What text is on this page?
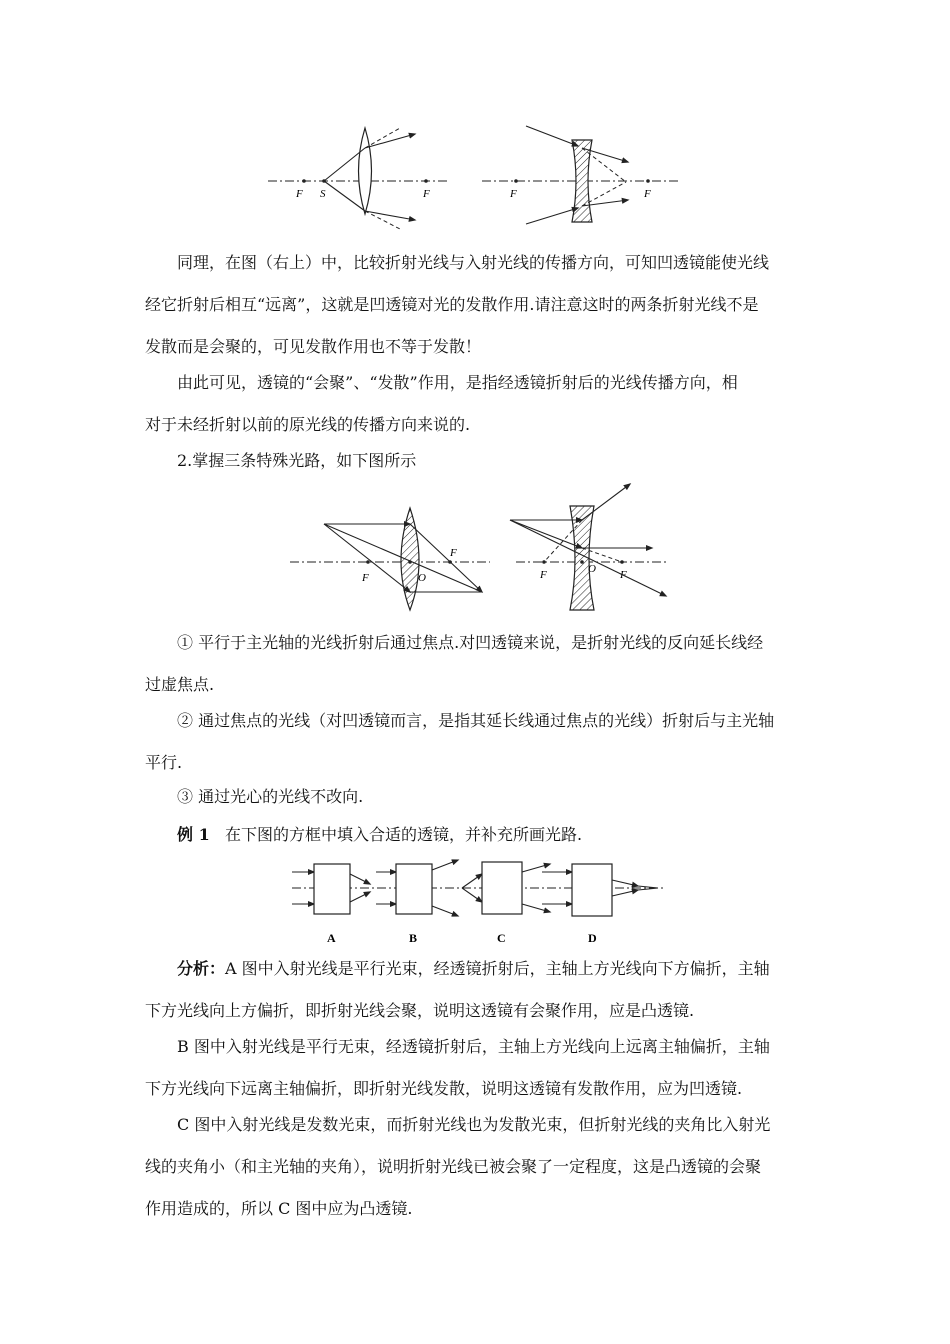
F S	F	F	F

同理，在图（右上）中，比较折射光线与入射光线的传播方向，可知凹透镜能使光线
经它折射后相互“远离”，这就是凹透镜对光的发散作用.请注意这时的两条折射光线不是
发散而是会聚的，可见发散作用也不等于发散！

由此可见，透镜的“会聚”、“发散”作用，是指经透镜折射后的光线传播方向，相
对于未经折射以前的原光线的传播方向来说的.

2.掌握三条特殊光路，如下图所示

F
F
O	F	O F

① 平行于主光轴的光线折射后通过焦点.对凹透镜来说，是折射光线的反向延长线经
过虚焦点.

② 通过焦点的光线（对凹透镜而言，是指其延长线通过焦点的光线）折射后与主光轴
平行.

③ 通过光心的光线不改向.

例 1 在下图的方框中填入合适的透镜，并补充所画光路.

A	B	C	D

分析：A 图中入射光线是平行光束，经透镜折射后，主轴上方光线向下方偏折，主轴
下方光线向上方偏折，即折射光线会聚，说明这透镜有会聚作用，应是凸透镜.

B 图中入射光线是平行无束，经透镜折射后，主轴上方光线向上远离主轴偏折，主轴
下方光线向下远离主轴偏折，即折射光线发散，说明这透镜有发散作用，应为凹透镜.

C 图中入射光线是发数光束，而折射光线也为发散光束，但折射光线的夹角比入射光
线的夹角小（和主光轴的夹角），说明折射光线已被会聚了一定程度，这是凸透镜的会聚
作用造成的，所以 C 图中应为凸透镜.
